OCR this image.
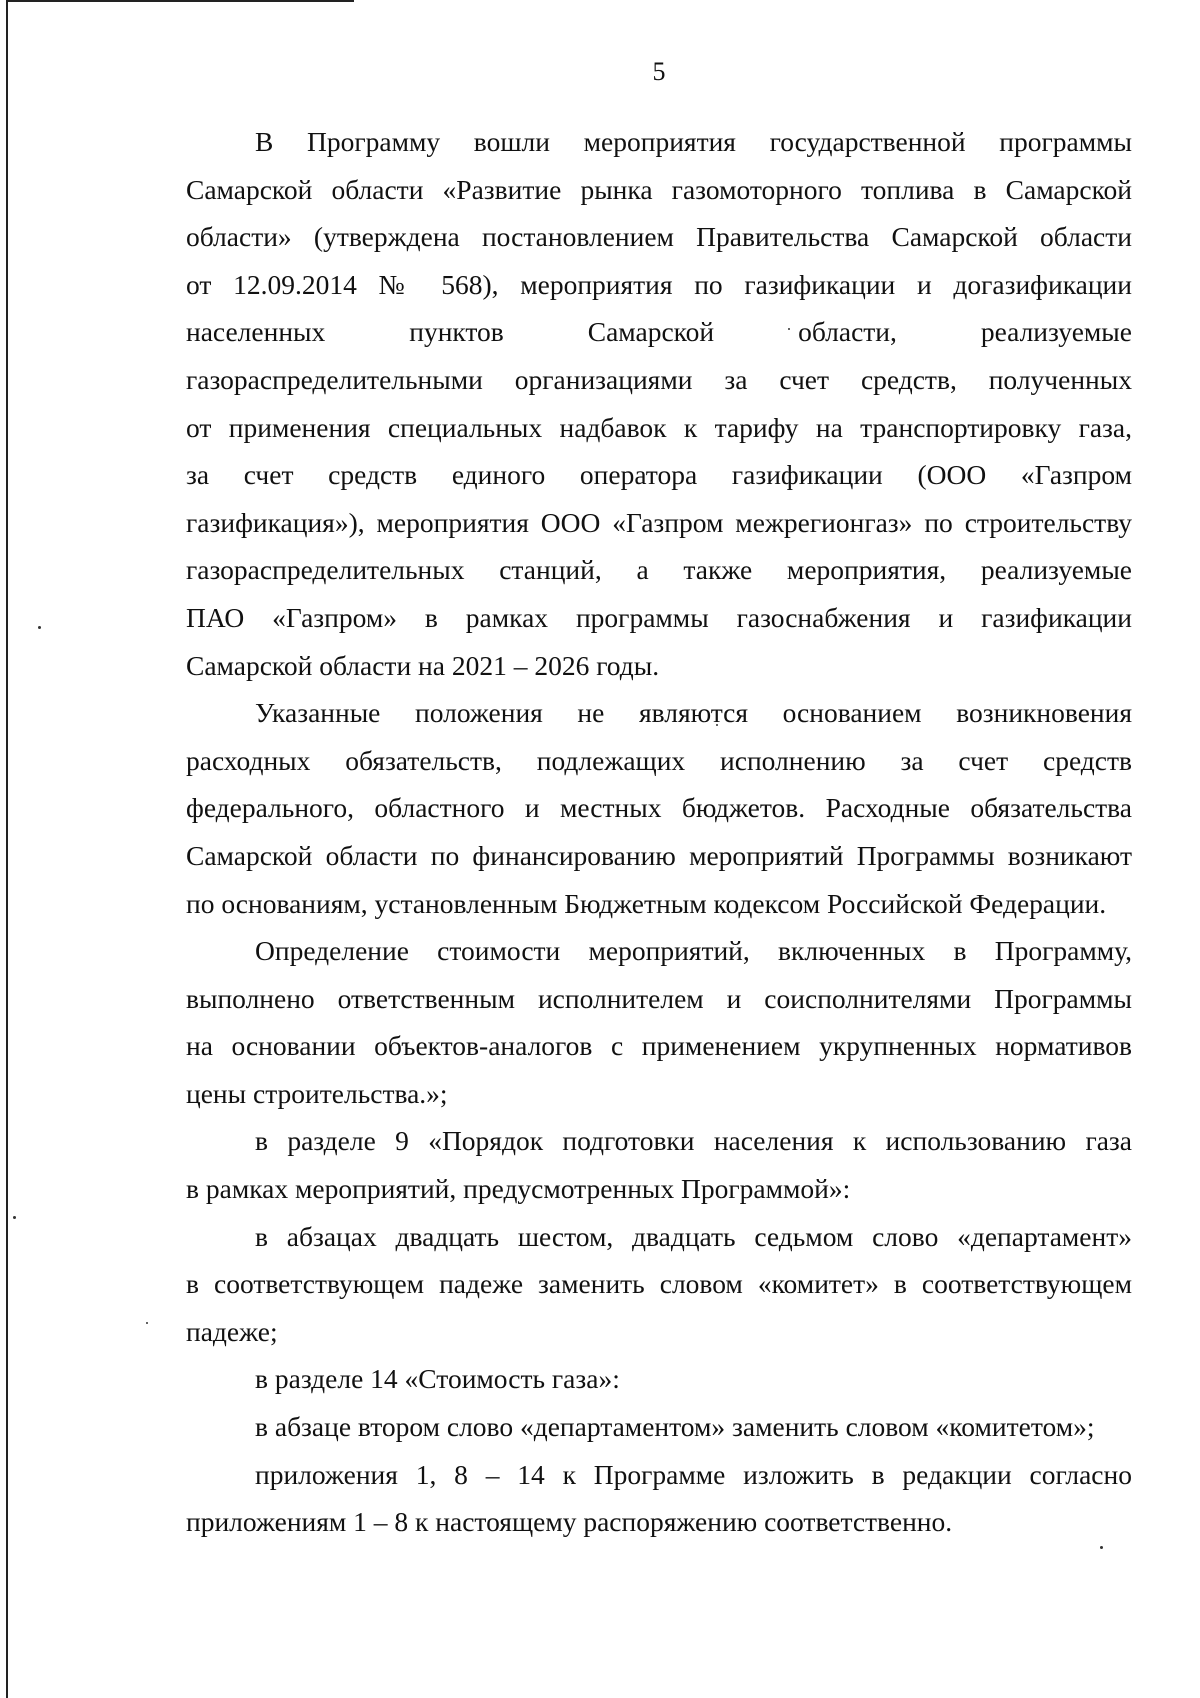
5
В Программу вошли мероприятия государственной программы
Самарской области «Развитие рынка газомоторного топлива в Самарской
области» (утверждена постановлением Правительства Самарской области
от 12.09.2014 № 568), мероприятия по газификации и догазификации
населенных пунктов Самарской области, реализуемые
газораспределительными организациями за счет средств, полученных
от применения специальных надбавок к тарифу на транспортировку газа,
за счет средств единого оператора газификации (ООО «Газпром
газификация»), мероприятия ООО «Газпром межрегионгаз» по строительству
газораспределительных станций, а также мероприятия, реализуемые
ПАО «Газпром» в рамках программы газоснабжения и газификации
Самарской области на 2021 – 2026 годы.
Указанные положения не являются основанием возникновения
расходных обязательств, подлежащих исполнению за счет средств
федерального, областного и местных бюджетов. Расходные обязательства
Самарской области по финансированию мероприятий Программы возникают
по основаниям, установленным Бюджетным кодексом Российской Федерации.
Определение стоимости мероприятий, включенных в Программу,
выполнено ответственным исполнителем и соисполнителями Программы
на основании объектов-аналогов с применением укрупненных нормативов
цены строительства.»;
в разделе 9 «Порядок подготовки населения к использованию газа
в рамках мероприятий, предусмотренных Программой»:
в абзацах двадцать шестом, двадцать седьмом слово «департамент»
в соответствующем падеже заменить словом «комитет» в соответствующем
падеже;
в разделе 14 «Стоимость газа»:
в абзаце втором слово «департаментом» заменить словом «комитетом»;
приложения 1, 8 – 14 к Программе изложить в редакции согласно
приложениям 1 – 8 к настоящему распоряжению соответственно.
